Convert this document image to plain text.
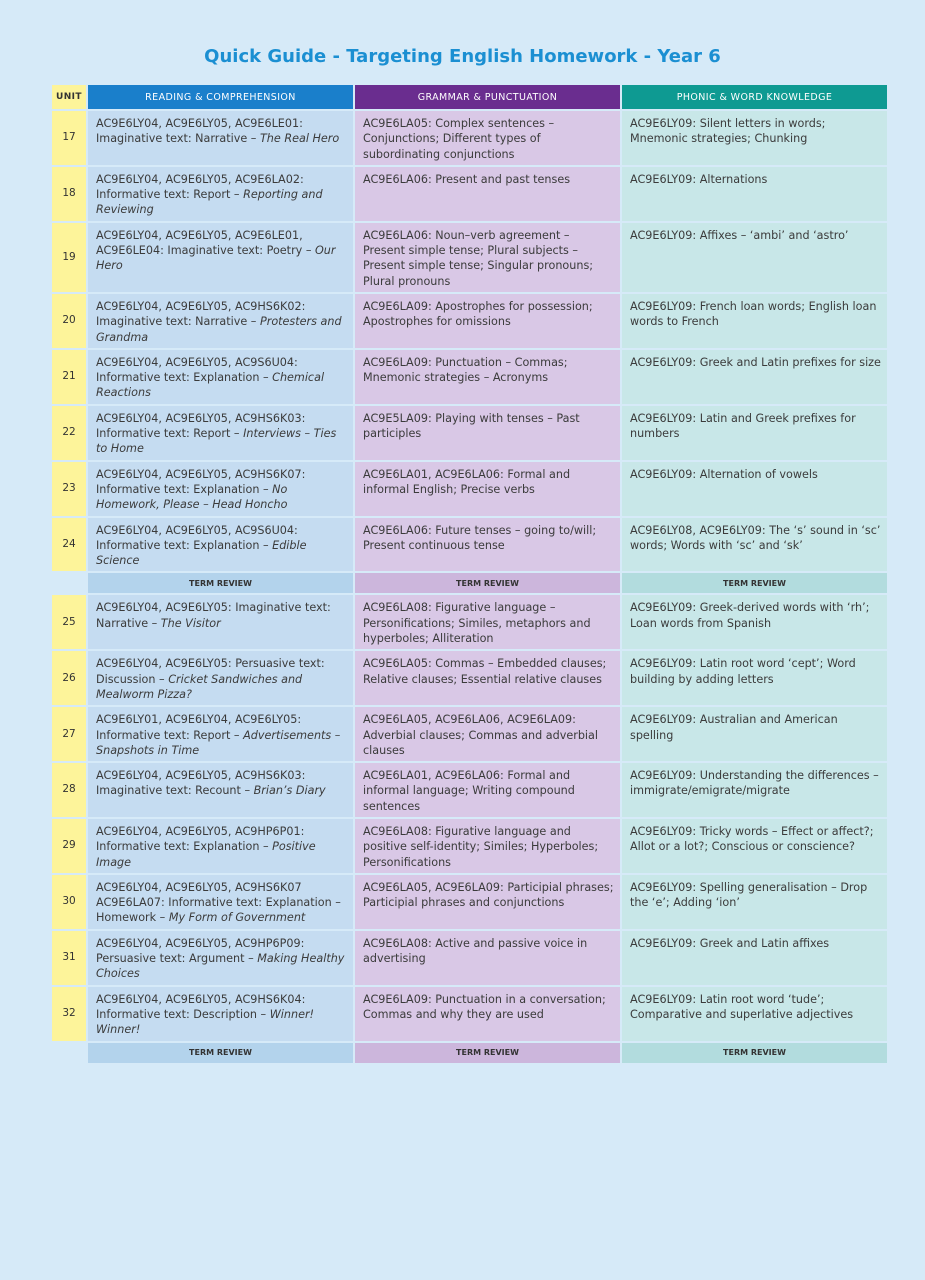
Quick Guide - Targeting English Homework - Year 6
UNIT	READING & COMPREHENSION	GRAMMAR & PUNCTUATION	PHONIC & WORD KNOWLEDGE
17	AC9E6LY04, AC9E6LY05, AC9E6LE01: Imaginative text: Narrative – The Real Hero	AC9E6LA05: Complex sentences – Conjunctions; Different types of subordinating conjunctions	AC9E6LY09: Silent letters in words; Mnemonic strategies; Chunking
18	AC9E6LY04, AC9E6LY05, AC9E6LA02: Informative text: Report – Reporting and Reviewing	AC9E6LA06: Present and past tenses	AC9E6LY09: Alternations
19	AC9E6LY04, AC9E6LY05, AC9E6LE01, AC9E6LE04: Imaginative text: Poetry – Our Hero	AC9E6LA06: Noun–verb agreement – Present simple tense; Plural subjects – Present simple tense; Singular pronouns; Plural pronouns	AC9E6LY09: Affixes – ‘ambi’ and ‘astro’
20	AC9E6LY04, AC9E6LY05, AC9HS6K02: Imaginative text: Narrative – Protesters and Grandma	AC9E6LA09: Apostrophes for possession; Apostrophes for omissions	AC9E6LY09: French loan words; English loan words to French
21	AC9E6LY04, AC9E6LY05, AC9S6U04: Informative text: Explanation – Chemical Reactions	AC9E6LA09: Punctuation – Commas; Mnemonic strategies – Acronyms	AC9E6LY09: Greek and Latin prefixes for size
22	AC9E6LY04, AC9E6LY05, AC9HS6K03: Informative text: Report – Interviews – Ties to Home	AC9E5LA09: Playing with tenses – Past participles	AC9E6LY09: Latin and Greek prefixes for numbers
23	AC9E6LY04, AC9E6LY05, AC9HS6K07: Informative text: Explanation – No Homework, Please – Head Honcho	AC9E6LA01, AC9E6LA06: Formal and informal English; Precise verbs	AC9E6LY09: Alternation of vowels
24	AC9E6LY04, AC9E6LY05, AC9S6U04: Informative text: Explanation – Edible Science	AC9E6LA06: Future tenses – going to/will; Present continuous tense	AC9E6LY08, AC9E6LY09: The ‘s’ sound in ‘sc’ words; Words with ‘sc’ and ‘sk’
	TERM REVIEW	TERM REVIEW	TERM REVIEW
25	AC9E6LY04, AC9E6LY05: Imaginative text: Narrative – The Visitor	AC9E6LA08: Figurative language – Personifications; Similes, metaphors and hyperboles; Alliteration	AC9E6LY09: Greek-derived words with ‘rh’; Loan words from Spanish
26	AC9E6LY04, AC9E6LY05: Persuasive text: Discussion – Cricket Sandwiches and Mealworm Pizza?	AC9E6LA05: Commas – Embedded clauses; Relative clauses; Essential relative clauses	AC9E6LY09: Latin root word ‘cept’; Word building by adding letters
27	AC9E6LY01, AC9E6LY04, AC9E6LY05: Informative text: Report – Advertisements – Snapshots in Time	AC9E6LA05, AC9E6LA06, AC9E6LA09: Adverbial clauses; Commas and adverbial clauses	AC9E6LY09: Australian and American spelling
28	AC9E6LY04, AC9E6LY05, AC9HS6K03: Imaginative text: Recount – Brian’s Diary	AC9E6LA01, AC9E6LA06: Formal and informal language; Writing compound sentences	AC9E6LY09: Understanding the differences – immigrate/emigrate/migrate
29	AC9E6LY04, AC9E6LY05, AC9HP6P01: Informative text: Explanation – Positive Image	AC9E6LA08: Figurative language and positive self-identity; Similes; Hyperboles; Personifications	AC9E6LY09: Tricky words – Effect or affect?; Allot or a lot?; Conscious or conscience?
30	AC9E6LY04, AC9E6LY05, AC9HS6K07 AC9E6LA07: Informative text: Explanation – Homework – My Form of Government	AC9E6LA05, AC9E6LA09: Participial phrases; Participial phrases and conjunctions	AC9E6LY09: Spelling generalisation – Drop the ‘e’; Adding ‘ion’
31	AC9E6LY04, AC9E6LY05, AC9HP6P09: Persuasive text: Argument – Making Healthy Choices	AC9E6LA08: Active and passive voice in advertising	AC9E6LY09: Greek and Latin affixes
32	AC9E6LY04, AC9E6LY05, AC9HS6K04: Informative text: Description – Winner! Winner!	AC9E6LA09: Punctuation in a conversation; Commas and why they are used	AC9E6LY09: Latin root word ‘tude’; Comparative and superlative adjectives
	TERM REVIEW	TERM REVIEW	TERM REVIEW
